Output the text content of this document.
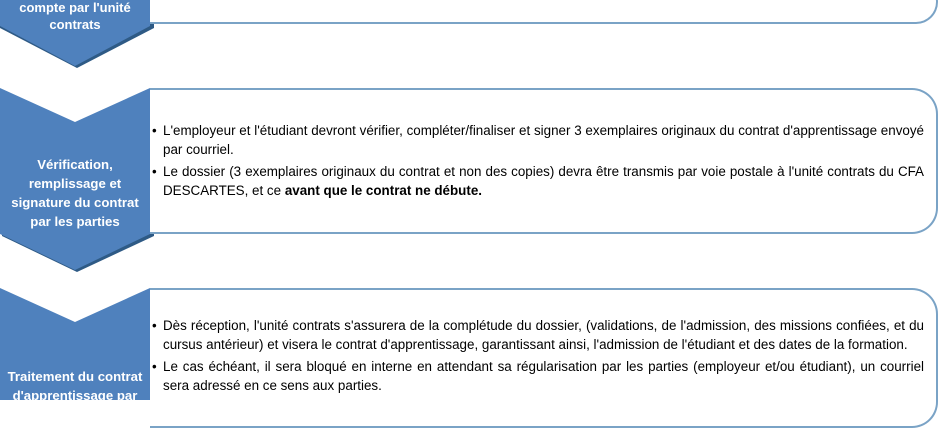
compte par l'unité
contrats
• L'employeur et l'étudiant devront vérifier, compléter/finaliser et signer 3 exemplaires originaux du contrat d'apprentissage envoyé par courriel.
• Le dossier (3 exemplaires originaux du contrat et non des copies) devra être transmis par voie postale à l'unité contrats du CFA DESCARTES, et ce avant que le contrat ne débute.
Vérification,
remplissage et
signature du contrat
par les parties
• Dès réception, l'unité contrats s'assurera de la complétude du dossier, (validations, de l'admission, des missions confiées, et du cursus antérieur) et visera le contrat d'apprentissage, garantissant ainsi, l'admission de l'étudiant et des dates de la formation.
• Le cas échéant, il sera bloqué en interne en attendant sa régularisation par les parties (employeur et/ou étudiant), un courriel sera adressé en ce sens aux parties.
Traitement du contrat
d'apprentissage par
